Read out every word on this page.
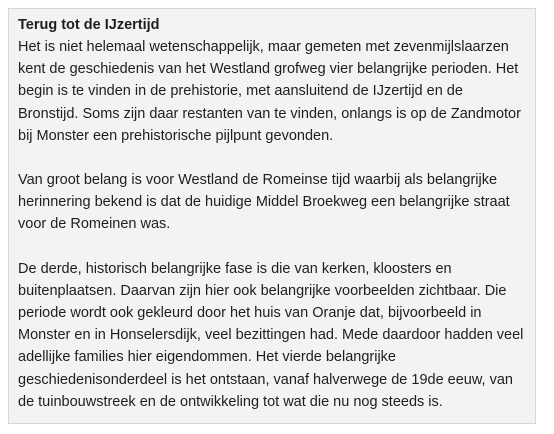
Terug tot de IJzertijd

Het is niet helemaal wetenschappelijk, maar gemeten met zevenmijlslaarzen kent de geschiedenis van het Westland grofweg vier belangrijke perioden. Het begin is te vinden in de prehistorie, met aansluitend de IJzertijd en de Bronstijd. Soms zijn daar restanten van te vinden, onlangs is op de Zandmotor bij Monster een prehistorische pijlpunt gevonden.

Van groot belang is voor Westland de Romeinse tijd waarbij als belangrijke herinnering bekend is dat de huidige Middel Broekweg een belangrijke straat voor de Romeinen was.

De derde, historisch belangrijke fase is die van kerken, kloosters en buitenplaatsen. Daarvan zijn hier ook belangrijke voorbeelden zichtbaar. Die periode wordt ook gekleurd door het huis van Oranje dat, bijvoorbeeld in Monster en in Honselersdijk, veel bezittingen had. Mede daardoor hadden veel adellijke families hier eigendommen. Het vierde belangrijke geschiedenisonderdeel is het ontstaan, vanaf halverwege de 19de eeuw, van de tuinbouwstreek en de ontwikkeling tot wat die nu nog steeds is.
